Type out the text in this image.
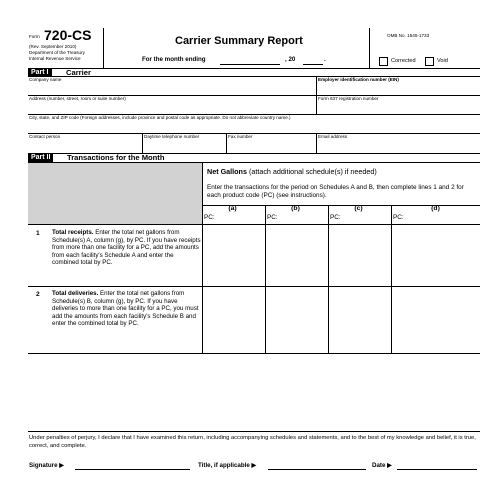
Form 720-CS
(Rev. September 2010)
Department of the Treasury
Internal Revenue Service
Carrier Summary Report
For the month ending	, 20	.
OMB No. 1545-1733
Corrected	Void
Part I	Carrier
Company name	Employer identification number (EIN)
Address (number, street, room or suite number)	Form 637 registration number
City, state, and ZIP code (Foreign addresses, include province and postal code as appropriate. Do not abbreviate country name.)
Contact person	Daytime telephone number	Fax number	Email address
Part II	Transactions for the Month
Net Gallons (attach additional schedule(s) if needed)
Enter the transactions for the period on Schedules A and B, then complete lines 1 and 2 for each product code (PC) (see instructions).
(a)	(b)	(c)	(d)
PC:	PC:	PC:	PC:
1 Total receipts. Enter the total net gallons from Schedule(s) A, column (g), by PC. If you have receipts from more than one facility for a PC, add the amounts from each facility's Schedule A and enter the combined total by PC.
2 Total deliveries. Enter the total net gallons from Schedule(s) B, column (g), by PC. If you have deliveries to more than one facility for a PC, you must add the amounts from each facility's Schedule B and enter the combined total by PC.
Under penalties of perjury, I declare that I have examined this return, including accompanying schedules and statements, and to the best of my knowledge and belief, it is true, correct, and complete.
Signature ▶	Title, if applicable ▶	Date ▶
